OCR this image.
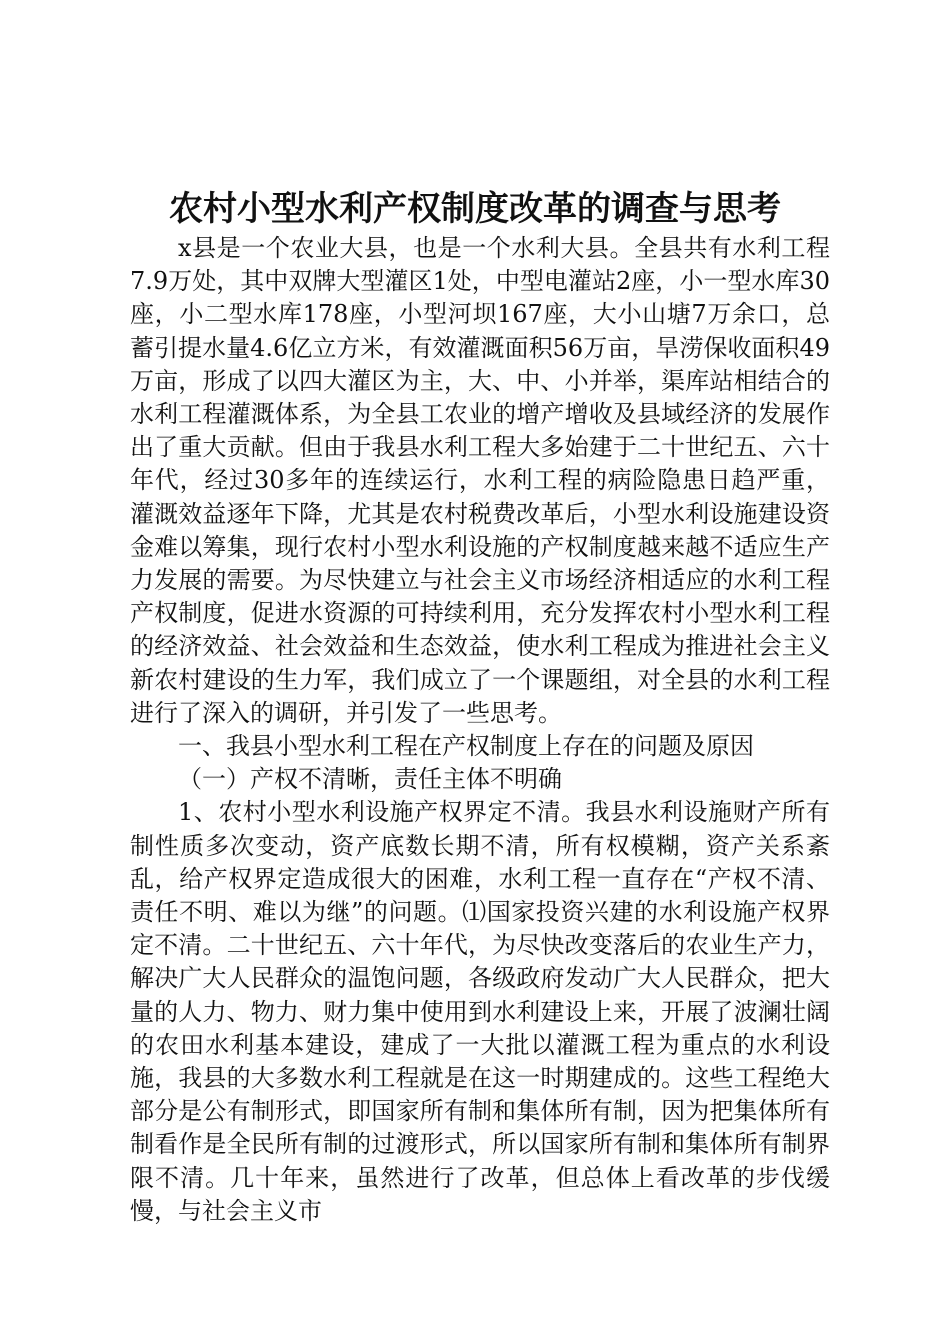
农村小型水利产权制度改革的调查与思考

x县是一个农业大县，也是一个水利大县。全县共有水利工程7.9万处，其中双牌大型灌区1处，中型电灌站2座，小一型水库30座，小二型水库178座，小型河坝167座，大小山塘7万余口，总蓄引提水量4.6亿立方米，有效灌溉面积56万亩，旱涝保收面积49万亩，形成了以四大灌区为主，大、中、小并举，渠库站相结合的水利工程灌溉体系，为全县工农业的增产增收及县域经济的发展作出了重大贡献。但由于我县水利工程大多始建于二十世纪五、六十年代，经过30多年的连续运行，水利工程的病险隐患日趋严重，灌溉效益逐年下降，尤其是农村税费改革后，小型水利设施建设资金难以筹集，现行农村小型水利设施的产权制度越来越不适应生产力发展的需要。为尽快建立与社会主义市场经济相适应的水利工程产权制度，促进水资源的可持续利用，充分发挥农村小型水利工程的经济效益、社会效益和生态效益，使水利工程成为推进社会主义新农村建设的生力军，我们成立了一个课题组，对全县的水利工程进行了深入的调研，并引发了一些思考。

一、我县小型水利工程在产权制度上存在的问题及原因

（一）产权不清晰，责任主体不明确

1、农村小型水利设施产权界定不清。我县水利设施财产所有制性质多次变动，资产底数长期不清，所有权模糊，资产关系紊乱，给产权界定造成很大的困难，水利工程一直存在“产权不清、责任不明、难以为继”的问题。⑴国家投资兴建的水利设施产权界定不清。二十世纪五、六十年代，为尽快改变落后的农业生产力，解决广大人民群众的温饱问题，各级政府发动广大人民群众，把大量的人力、物力、财力集中使用到水利建设上来，开展了波澜壮阔的农田水利基本建设，建成了一大批以灌溉工程为重点的水利设施，我县的大多数水利工程就是在这一时期建成的。这些工程绝大部分是公有制形式，即国家所有制和集体所有制，因为把集体所有制看作是全民所有制的过渡形式，所以国家所有制和集体所有制界限不清。几十年来，虽然进行了改革，但总体上看改革的步伐缓慢，与社会主义市
